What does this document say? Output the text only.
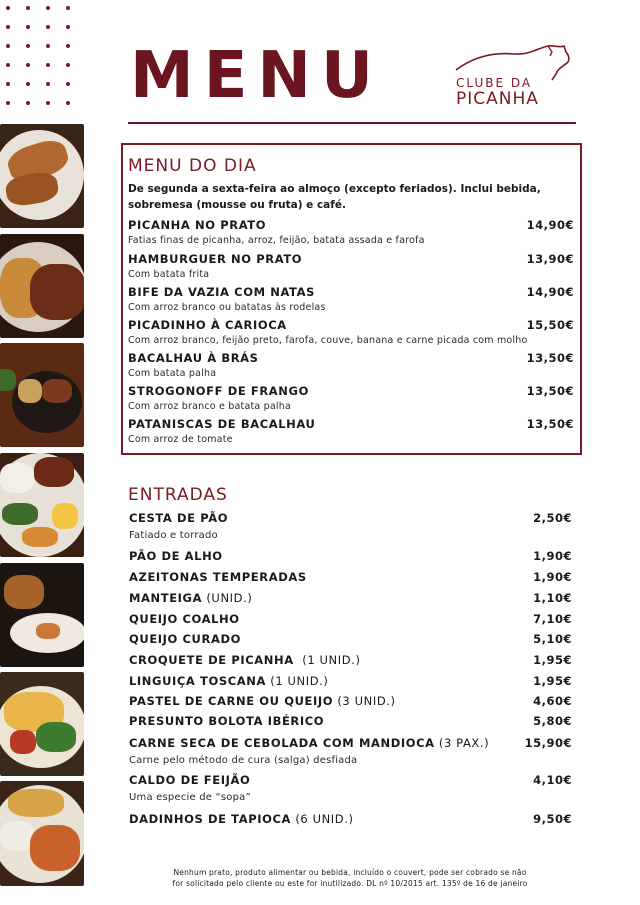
MENU	CLUBE DA
PICANHA
MENU DO DIA
De segunda a sexta-feira ao almoço (excepto feriados). Inclui bebida, sobremesa (mousse ou fruta) e café.
PICANHA NO PRATO	14,90€
Fatias finas de picanha, arroz, feijão, batata assada e farofa
HAMBURGUER NO PRATO	13,90€
Com batata frita
BIFE DA VAZIA COM NATAS	14,90€
Com arroz branco ou batatas às rodelas
PICADINHO À CARIOCA	15,50€
Com arroz branco, feijão preto, farofa, couve, banana e carne picada com molho
BACALHAU À BRÁS	13,50€
Com batata palha
STROGONOFF DE FRANGO	13,50€
Com arroz branco e batata palha
PATANISCAS DE BACALHAU	13,50€
Com arroz de tomate
ENTRADAS
CESTA DE PÃO	2,50€
Fatiado e torrado
PÃO DE ALHO	1,90€
AZEITONAS TEMPERADAS	1,90€
MANTEIGA (UNID.)	1,10€
QUEIJO COALHO	7,10€
QUEIJO CURADO	5,10€
CROQUETE DE PICANHA  (1 UNID.)	1,95€
LINGUIÇA TOSCANA (1 UNID.)	1,95€
PASTEL DE CARNE OU QUEIJO (3 UNID.)	4,60€
PRESUNTO BOLOTA IBÉRICO	5,80€
CARNE SECA DE CEBOLADA COM MANDIOCA (3 PAX.)	15,90€
Carne pelo método de cura (salga) desfiada
CALDO DE FEIJÃO	4,10€
Uma especie de “sopa”
DADINHOS DE TAPIOCA (6 UNID.)	9,50€
Nenhum prato, produto alimentar ou bebida, incluído o couvert, pode ser cobrado se não
for solicitado pelo cliente ou este for inutilizado. DL nº 10/2015 art. 135º de 16 de janeiro
